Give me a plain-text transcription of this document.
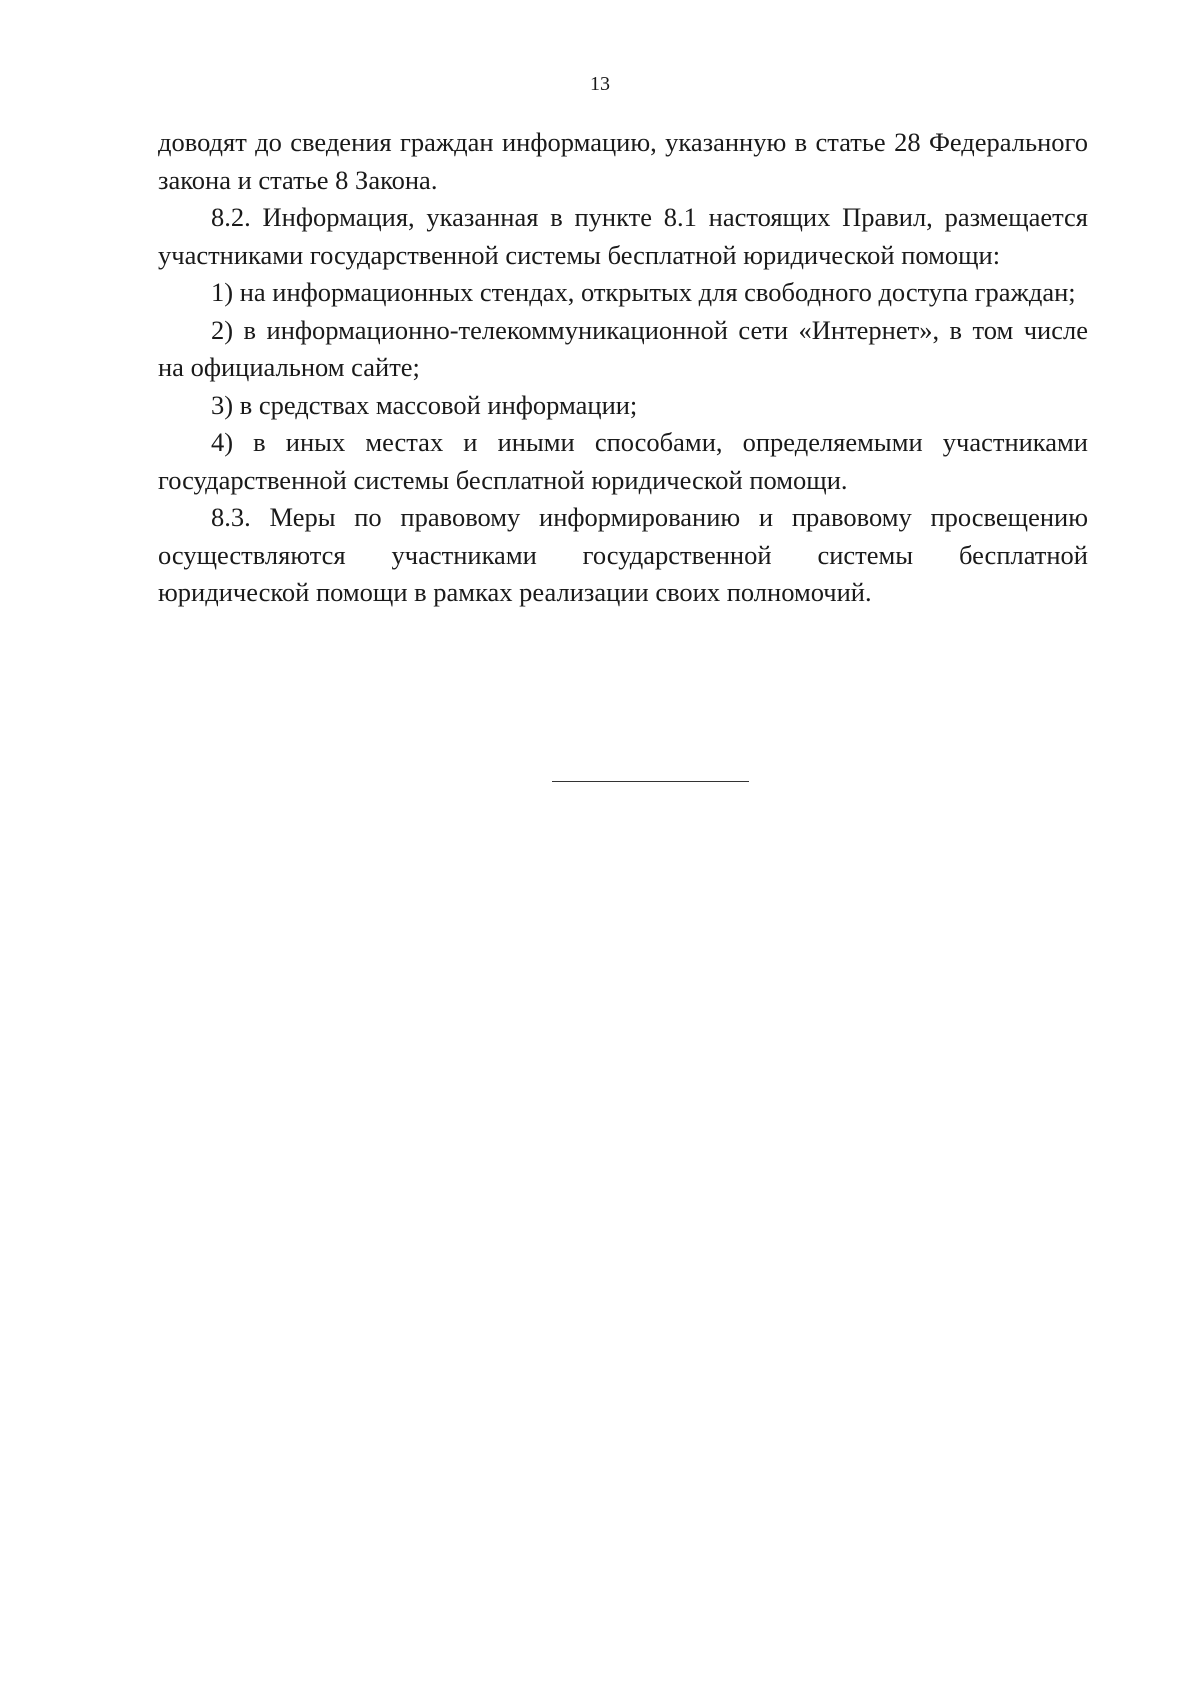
13

доводят до сведения граждан информацию, указанную в статье 28 Федерального закона и статье 8 Закона.

8.2. Информация, указанная в пункте 8.1 настоящих Правил, размещается участниками государственной системы бесплатной юридической помощи:

1) на информационных стендах, открытых для свободного доступа граждан;

2) в информационно-телекоммуникационной сети «Интернет», в том числе на официальном сайте;

3) в средствах массовой информации;

4) в иных местах и иными способами, определяемыми участниками государственной системы бесплатной юридической помощи.

8.3. Меры по правовому информированию и правовому просвещению осуществляются участниками государственной системы бесплатной юридической помощи в рамках реализации своих полномочий.
